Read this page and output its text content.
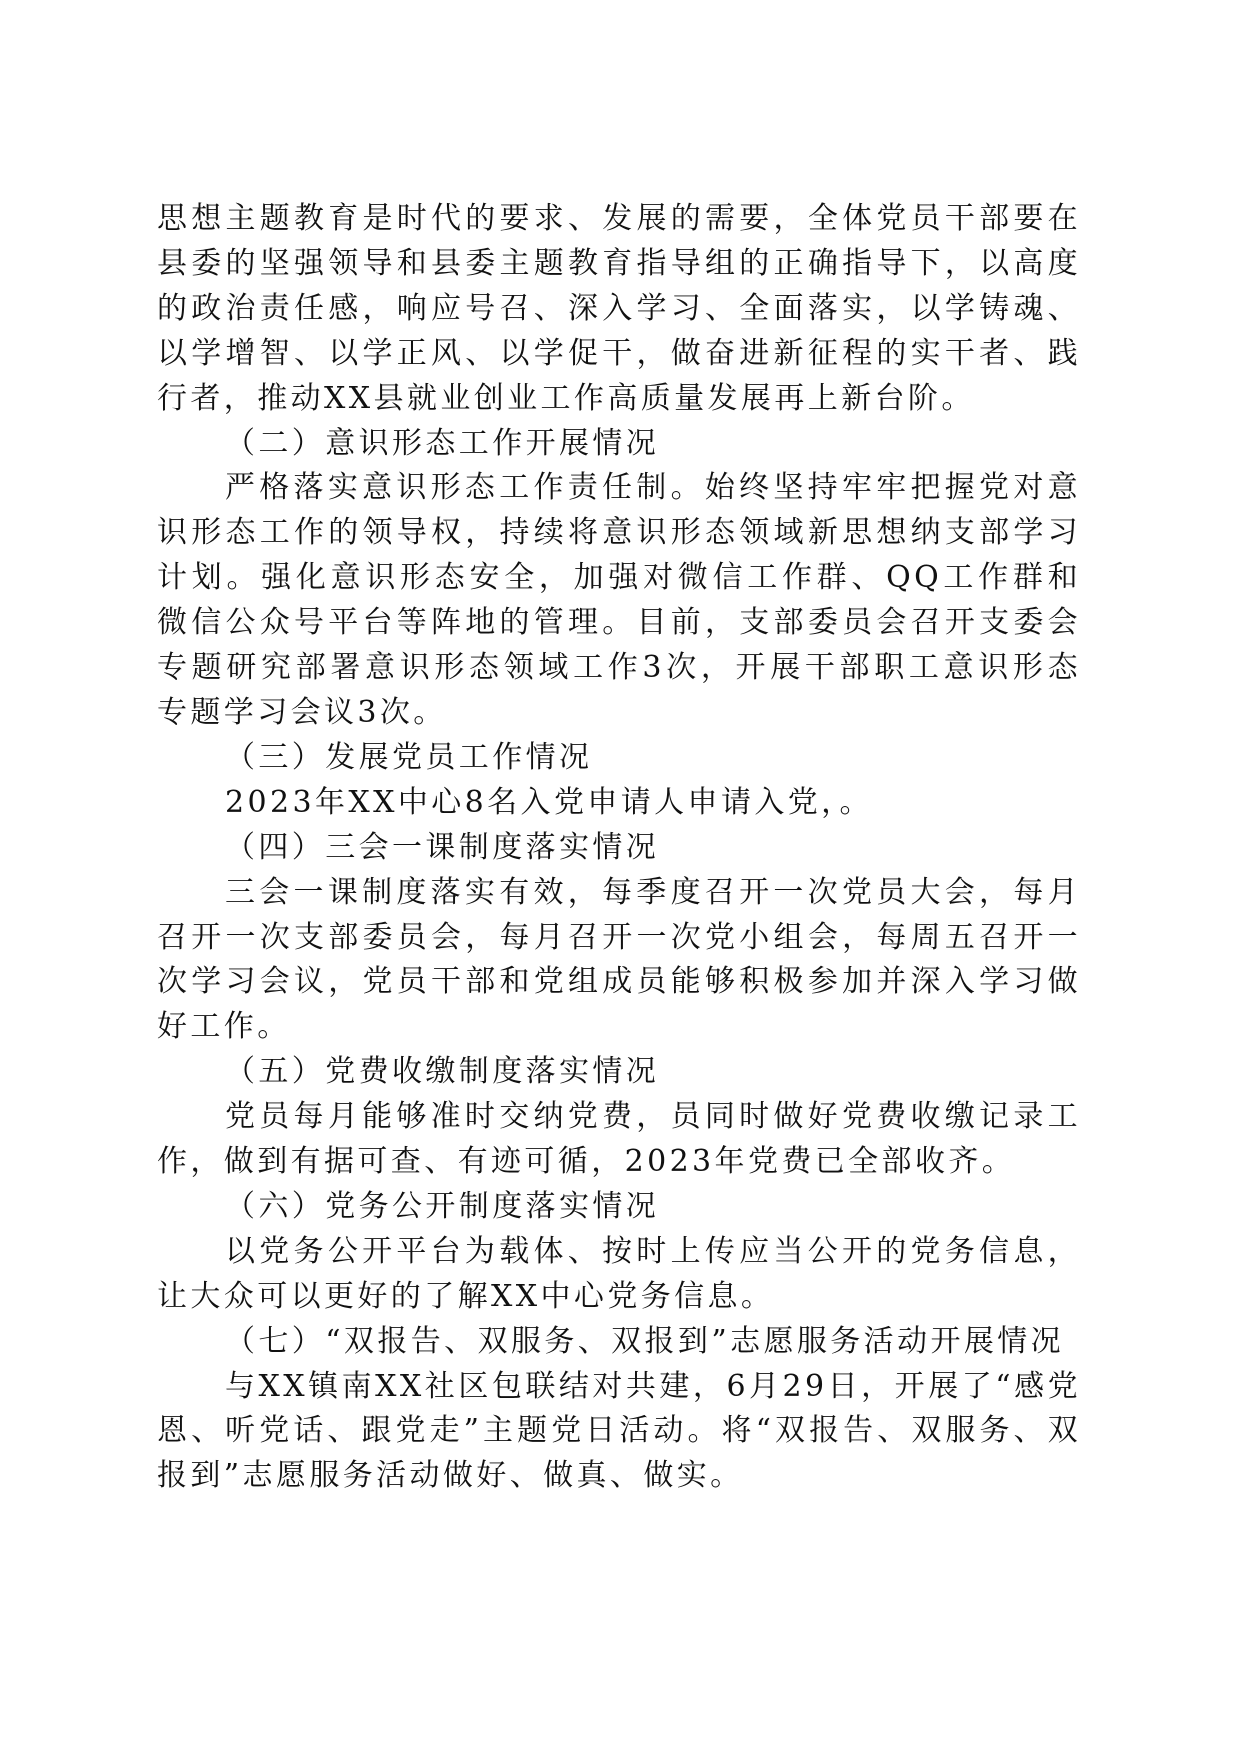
思想主题教育是时代的要求、发展的需要，全体党员干部要在县委的坚强领导和县委主题教育指导组的正确指导下，以高度的政治责任感，响应号召、深入学习、全面落实，以学铸魂、以学增智、以学正风、以学促干，做奋进新征程的实干者、践行者，推动XX县就业创业工作高质量发展再上新台阶。

（二）意识形态工作开展情况

严格落实意识形态工作责任制。始终坚持牢牢把握党对意识形态工作的领导权，持续将意识形态领域新思想纳支部学习计划。强化意识形态安全，加强对微信工作群、QQ工作群和微信公众号平台等阵地的管理。目前，支部委员会召开支委会专题研究部署意识形态领域工作3次，开展干部职工意识形态专题学习会议3次。

（三）发展党员工作情况

2023年XX中心8名入党申请人申请入党，。

（四）三会一课制度落实情况

三会一课制度落实有效，每季度召开一次党员大会，每月召开一次支部委员会，每月召开一次党小组会，每周五召开一次学习会议，党员干部和党组成员能够积极参加并深入学习做好工作。

（五）党费收缴制度落实情况

党员每月能够准时交纳党费，员同时做好党费收缴记录工作，做到有据可查、有迹可循，2023年党费已全部收齐。

（六）党务公开制度落实情况

以党务公开平台为载体、按时上传应当公开的党务信息，让大众可以更好的了解XX中心党务信息。

（七）“双报告、双服务、双报到”志愿服务活动开展情况

与XX镇南XX社区包联结对共建，6月29日，开展了“感党恩、听党话、跟党走”主题党日活动。将“双报告、双服务、双报到”志愿服务活动做好、做真、做实。
